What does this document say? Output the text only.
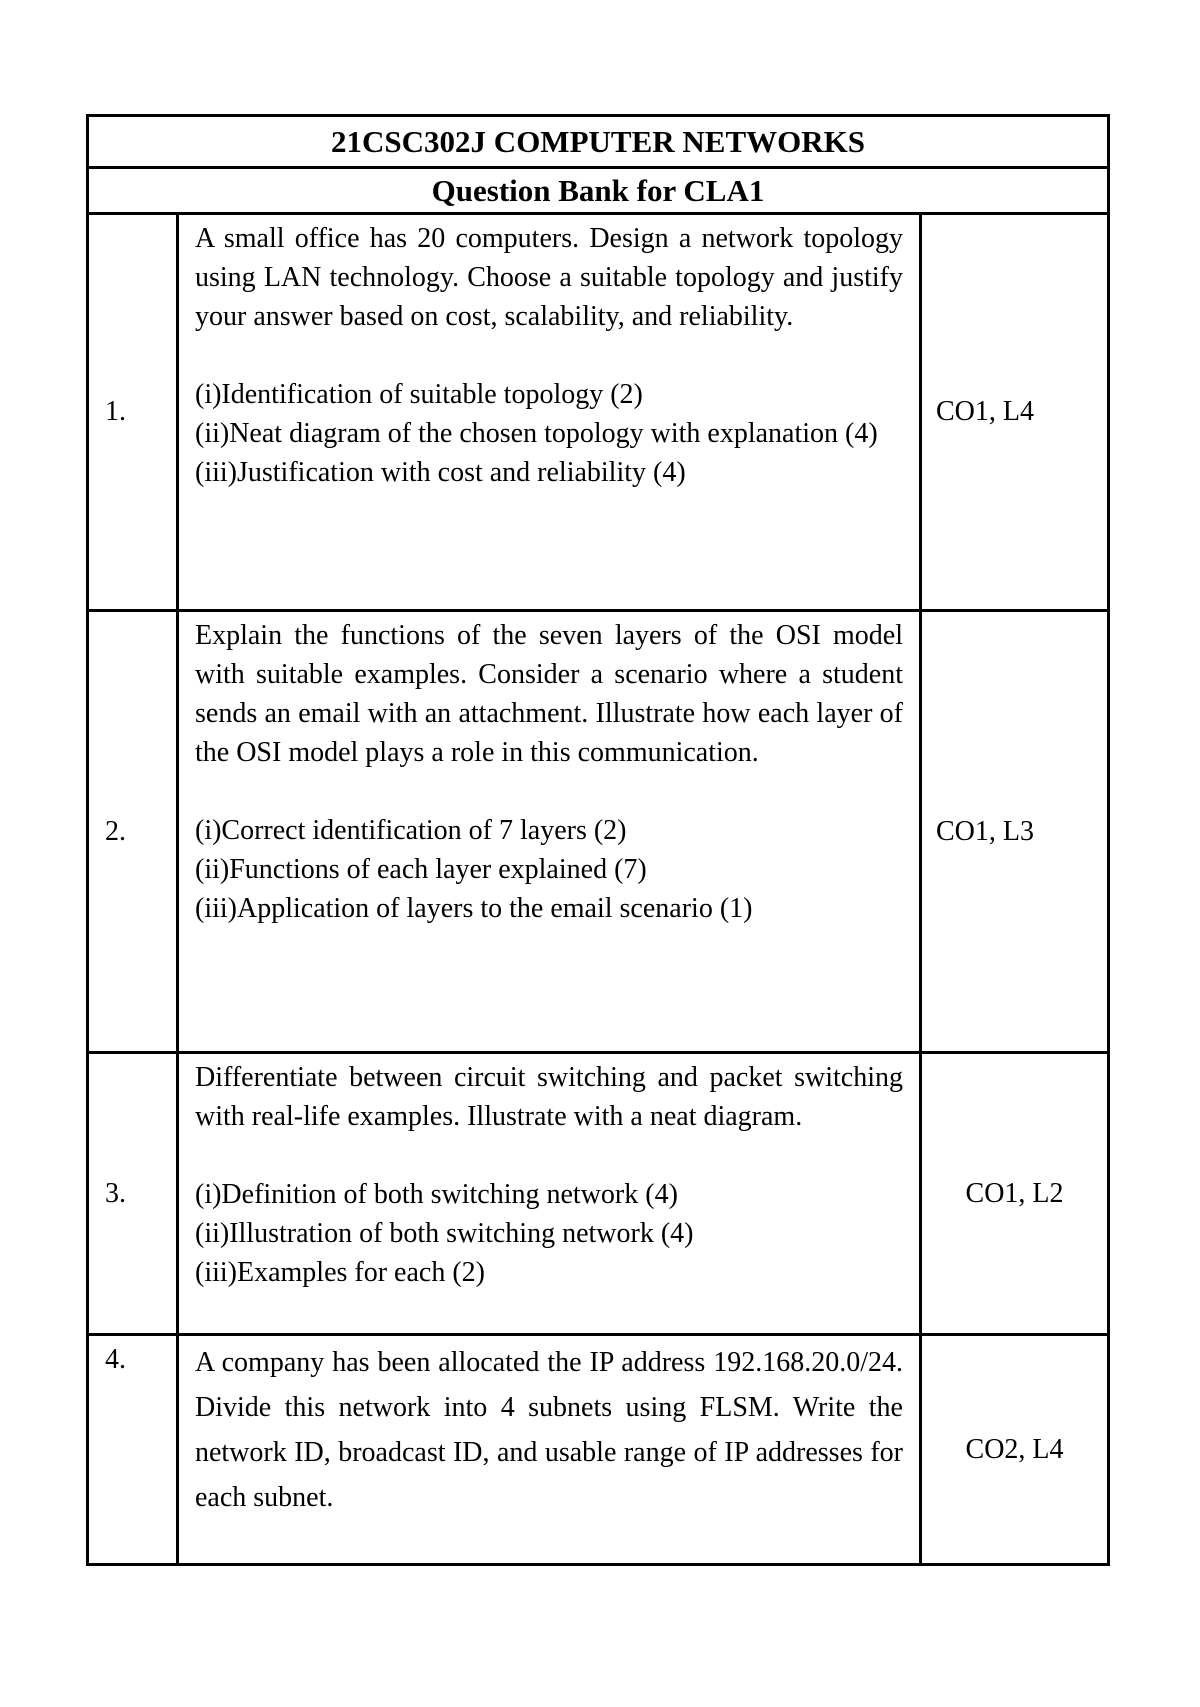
21CSC302J COMPUTER NETWORKS		
Question Bank for CLA1		
1.	A small office has 20 computers. Design a network topology using LAN technology. Choose a suitable topology and justify your answer based on cost, scalability, and reliability.

(i)Identification of suitable topology (2)

(ii)Neat diagram of the chosen topology with explanation (4)

(iii)Justification with cost and reliability (4)	CO1, L4
2.	Explain the functions of the seven layers of the OSI model with suitable examples. Consider a scenario where a student sends an email with an attachment. Illustrate how each layer of the OSI model plays a role in this communication.

(i)Correct identification of 7 layers (2)

(ii)Functions of each layer explained (7)

(iii)Application of layers to the email scenario (1)	CO1, L3
3.	Differentiate between circuit switching and packet switching with real-life examples. Illustrate with a neat diagram.

(i)Definition of both switching network (4)

(ii)Illustration of both switching network (4)

(iii)Examples for each (2)	CO1, L2
4.	A company has been allocated the IP address 192.168.20.0/24. Divide this network into 4 subnets using FLSM. Write the network ID, broadcast ID, and usable range of IP addresses for each subnet.	CO2, L4
